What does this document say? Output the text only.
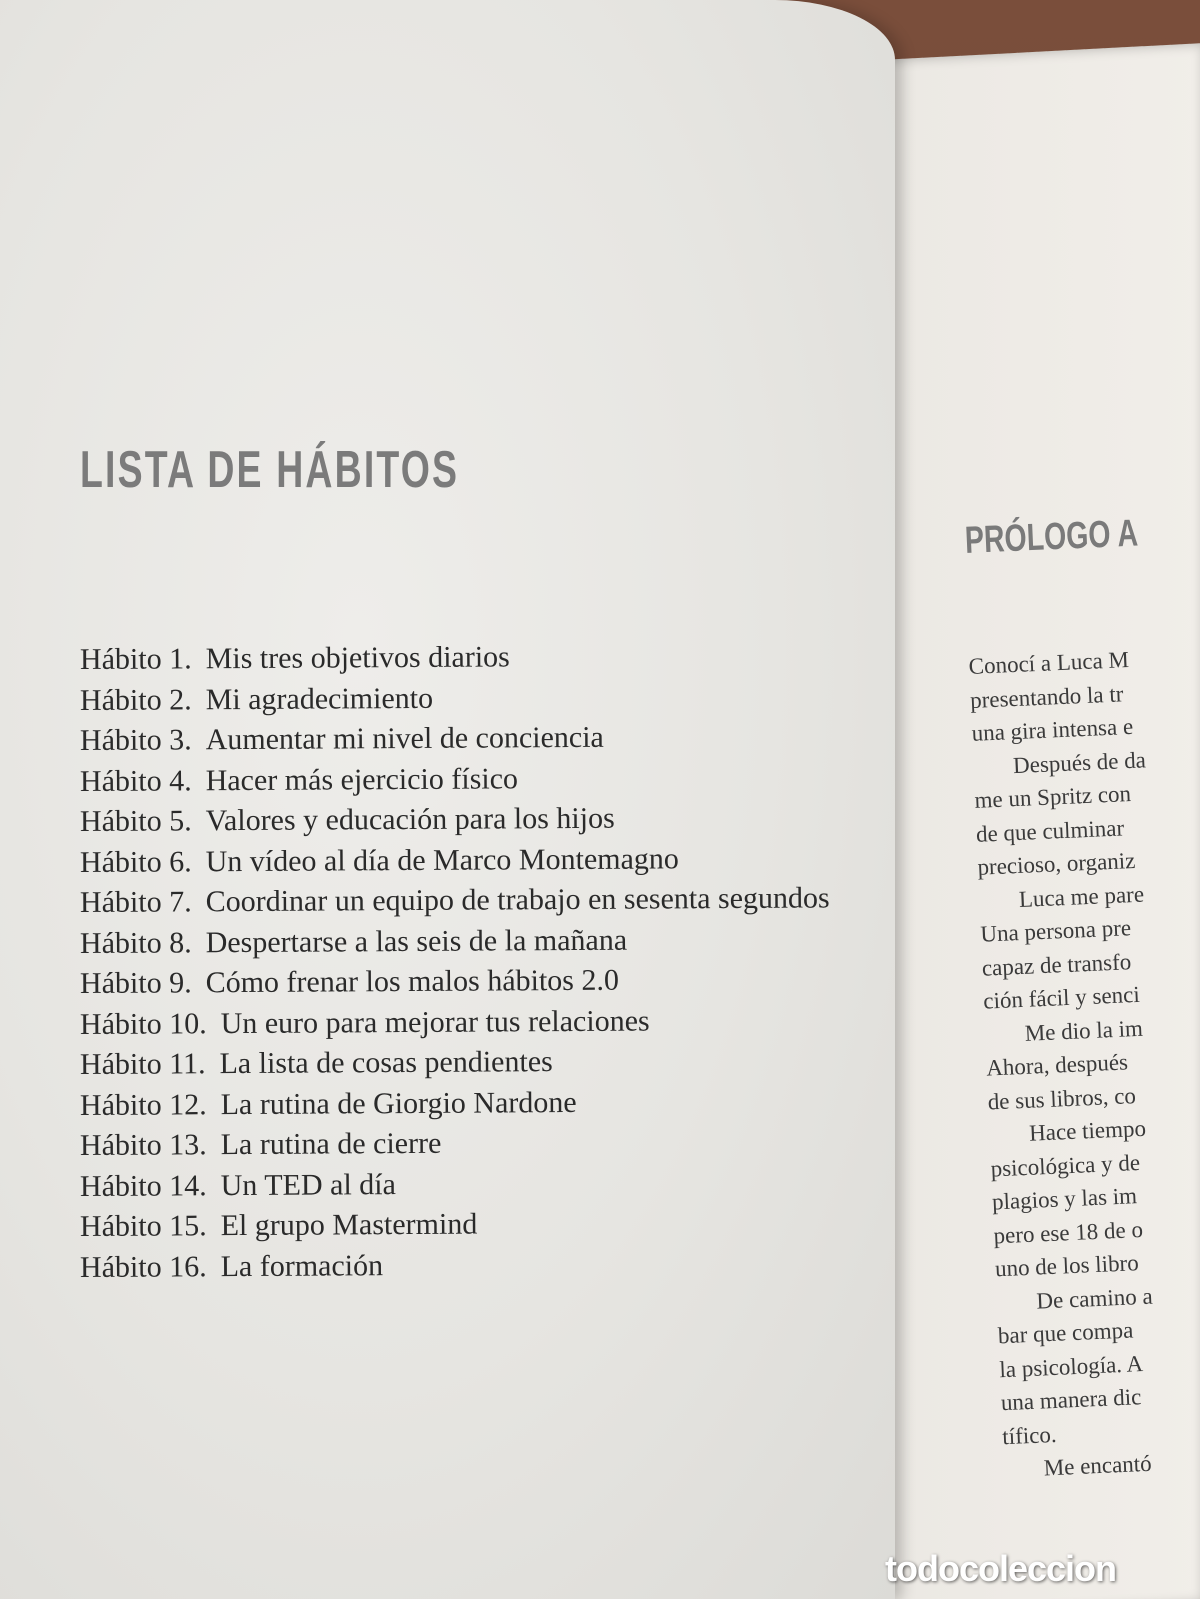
PRÓLOGO A
Conocí a Luca M
presentando la tr
una gira intensa e
Después de da
me un Spritz con
de que culminar
precioso, organiz
Luca me pare
Una persona pre
capaz de transfo
ción fácil y senci
Me dio la im
Ahora, después
de sus libros, co
Hace tiempo
psicológica y de
plagios y las im
pero ese 18 de o
uno de los libro
De camino a
bar que compa
la psicología. A
una manera dic
tífico.
Me encantó
LISTA DE HÁBITOS
Hábito 1. Mis tres objetivos diarios
Hábito 2. Mi agradecimiento
Hábito 3. Aumentar mi nivel de conciencia
Hábito 4. Hacer más ejercicio físico
Hábito 5. Valores y educación para los hijos
Hábito 6. Un vídeo al día de Marco Montemagno
Hábito 7. Coordinar un equipo de trabajo en sesenta segundos
Hábito 8. Despertarse a las seis de la mañana
Hábito 9. Cómo frenar los malos hábitos 2.0
Hábito 10. Un euro para mejorar tus relaciones
Hábito 11. La lista de cosas pendientes
Hábito 12. La rutina de Giorgio Nardone
Hábito 13. La rutina de cierre
Hábito 14. Un TED al día
Hábito 15. El grupo Mastermind
Hábito 16. La formación
todocoleccion
